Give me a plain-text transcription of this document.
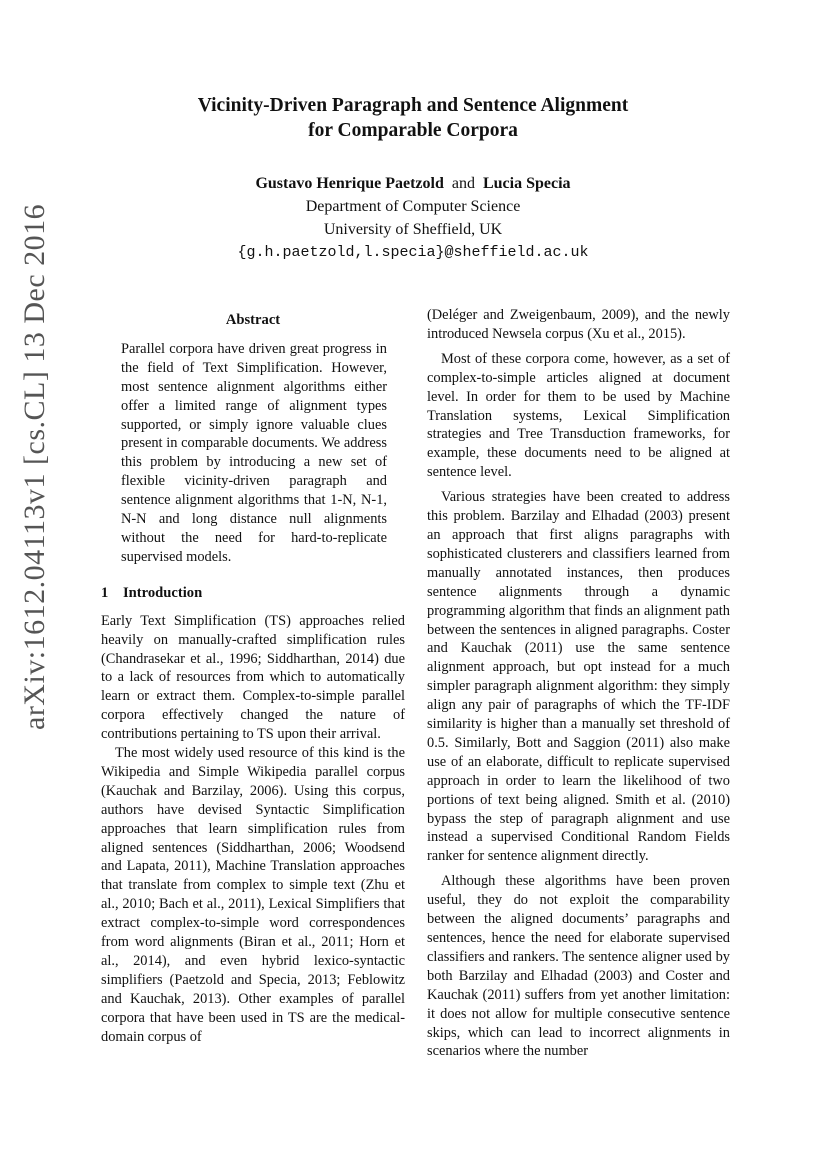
arXiv:1612.04113v1 [cs.CL] 13 Dec 2016
Vicinity-Driven Paragraph and Sentence Alignment
for Comparable Corpora
Gustavo Henrique Paetzold and Lucia Specia
Department of Computer Science
University of Sheffield, UK
{g.h.paetzold,l.specia}@sheffield.ac.uk
Abstract

Parallel corpora have driven great progress in the field of Text Simplification. However, most sentence alignment algorithms either offer a limited range of alignment types supported, or simply ignore valuable clues present in comparable documents. We address this problem by introducing a new set of flexible vicinity-driven paragraph and sentence alignment algorithms that 1-N, N-1, N-N and long distance null alignments without the need for hard-to-replicate supervised models.

1 Introduction

Early Text Simplification (TS) approaches relied heavily on manually-crafted simplification rules (Chandrasekar et al., 1996; Siddharthan, 2014) due to a lack of resources from which to automatically learn or extract them. Complex-to-simple parallel corpora effectively changed the nature of contributions pertaining to TS upon their arrival.

The most widely used resource of this kind is the Wikipedia and Simple Wikipedia parallel corpus (Kauchak and Barzilay, 2006). Using this corpus, authors have devised Syntactic Simplification approaches that learn simplification rules from aligned sentences (Siddharthan, 2006; Woodsend and Lapata, 2011), Machine Translation approaches that translate from complex to simple text (Zhu et al., 2010; Bach et al., 2011), Lexical Simplifiers that extract complex-to-simple word correspondences from word alignments (Biran et al., 2011; Horn et al., 2014), and even hybrid lexico-syntactic simplifiers (Paetzold and Specia, 2013; Feblowitz and Kauchak, 2013). Other examples of parallel corpora that have been used in TS are the medical-domain corpus of

(Deléger and Zweigenbaum, 2009), and the newly introduced Newsela corpus (Xu et al., 2015).

Most of these corpora come, however, as a set of complex-to-simple articles aligned at document level. In order for them to be used by Machine Translation systems, Lexical Simplification strategies and Tree Transduction frameworks, for example, these documents need to be aligned at sentence level.

Various strategies have been created to address this problem. Barzilay and Elhadad (2003) present an approach that first aligns paragraphs with sophisticated clusterers and classifiers learned from manually annotated instances, then produces sentence alignments through a dynamic programming algorithm that finds an alignment path between the sentences in aligned paragraphs. Coster and Kauchak (2011) use the same sentence alignment approach, but opt instead for a much simpler paragraph alignment algorithm: they simply align any pair of paragraphs of which the TF-IDF similarity is higher than a manually set threshold of 0.5. Similarly, Bott and Saggion (2011) also make use of an elaborate, difficult to replicate supervised approach in order to learn the likelihood of two portions of text being aligned. Smith et al. (2010) bypass the step of paragraph alignment and use instead a supervised Conditional Random Fields ranker for sentence alignment directly.

Although these algorithms have been proven useful, they do not exploit the comparability between the aligned documents’ paragraphs and sentences, hence the need for elaborate supervised classifiers and rankers. The sentence aligner used by both Barzilay and Elhadad (2003) and Coster and Kauchak (2011) suffers from yet another limitation: it does not allow for multiple consecutive sentence skips, which can lead to incorrect alignments in scenarios where the number
